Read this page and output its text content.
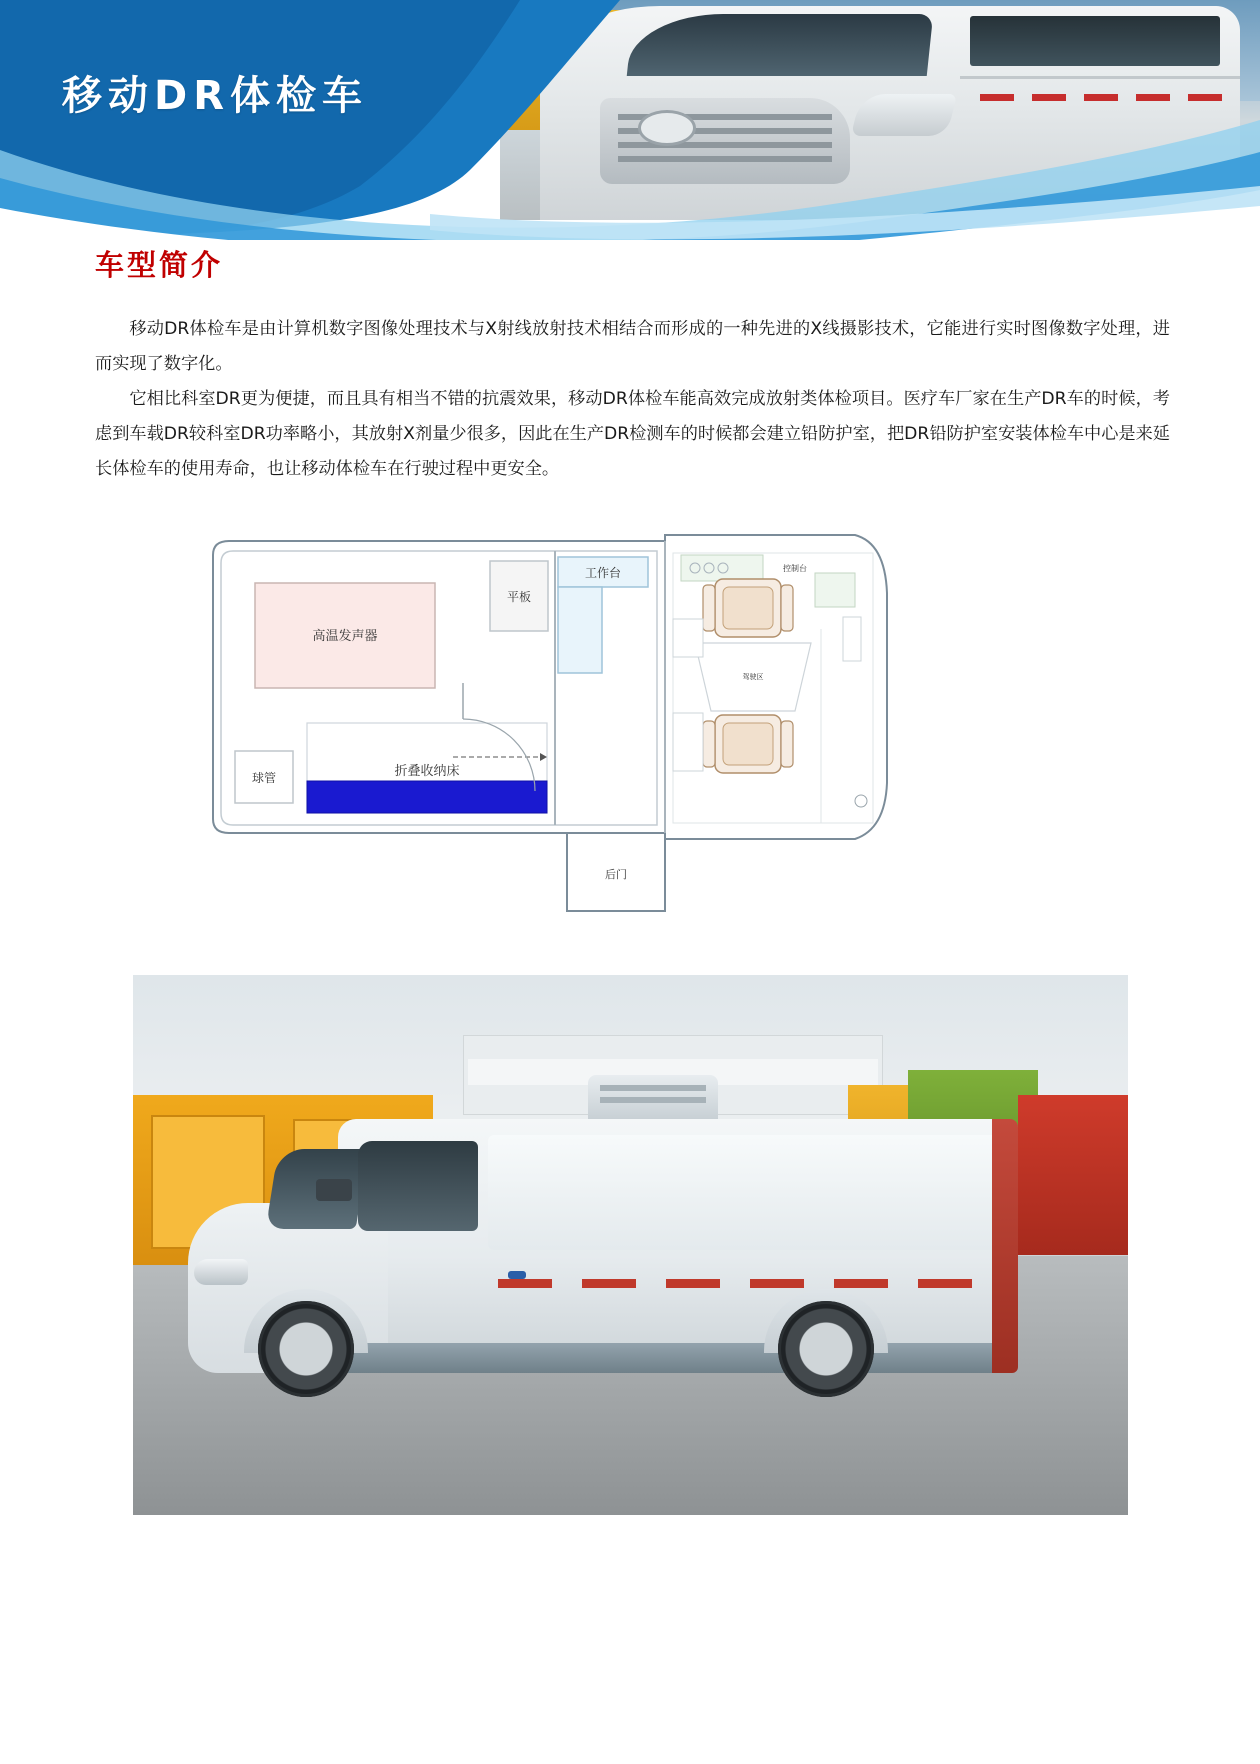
移动DR体检车
车型简介

移动DR体检车是由计算机数字图像处理技术与X射线放射技术相结合而形成的一种先进的X线摄影技术，它能进行实时图像数字处理，进而实现了数字化。

它相比科室DR更为便捷，而且具有相当不错的抗震效果，移动DR体检车能高效完成放射类体检项目。医疗车厂家在生产DR车的时候，考虑到车载DR较科室DR功率略小，其放射X剂量少很多，因此在生产DR检测车的时候都会建立铅防护室，把DR铅防护室安装体检车中心是来延长体检车的使用寿命，也让移动体检车在行驶过程中更安全。

后门
高温发声器
平板
工作台
球管	折叠收纳床
控制台
驾驶区
